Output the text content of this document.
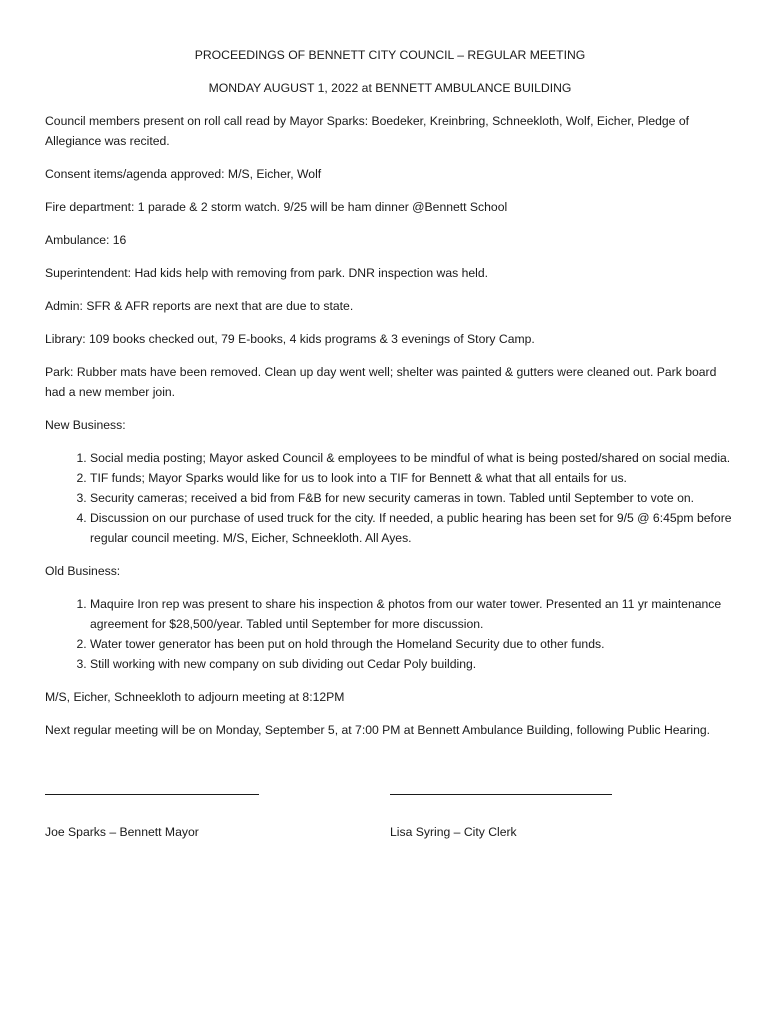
PROCEEDINGS OF BENNETT CITY COUNCIL – REGULAR MEETING
MONDAY AUGUST 1, 2022 at BENNETT AMBULANCE BUILDING

Council members present on roll call read by Mayor Sparks: Boedeker, Kreinbring, Schneekloth, Wolf, Eicher, Pledge of Allegiance was recited.

Consent items/agenda approved: M/S, Eicher, Wolf

Fire department: 1 parade & 2 storm watch. 9/25 will be ham dinner @Bennett School

Ambulance: 16

Superintendent: Had kids help with removing from park. DNR inspection was held.

Admin: SFR & AFR reports are next that are due to state.

Library: 109 books checked out, 79 E-books, 4 kids programs & 3 evenings of Story Camp.

Park: Rubber mats have been removed. Clean up day went well; shelter was painted & gutters were cleaned out. Park board had a new member join.

New Business:

1. Social media posting; Mayor asked Council & employees to be mindful of what is being posted/shared on social media.
2. TIF funds; Mayor Sparks would like for us to look into a TIF for Bennett & what that all entails for us.
3. Security cameras; received a bid from F&B for new security cameras in town. Tabled until September to vote on.
4. Discussion on our purchase of used truck for the city. If needed, a public hearing has been set for 9/5 @ 6:45pm before regular council meeting. M/S, Eicher, Schneekloth. All Ayes.

Old Business:

1. Maquire Iron rep was present to share his inspection & photos from our water tower. Presented an 11 yr maintenance agreement for $28,500/year. Tabled until September for more discussion.
2. Water tower generator has been put on hold through the Homeland Security due to other funds.
3. Still working with new company on sub dividing out Cedar Poly building.

M/S, Eicher, Schneekloth to adjourn meeting at 8:12PM

Next regular meeting will be on Monday, September 5, at 7:00 PM at Bennett Ambulance Building, following Public Hearing.

Joe Sparks – Bennett Mayor	Lisa Syring – City Clerk
